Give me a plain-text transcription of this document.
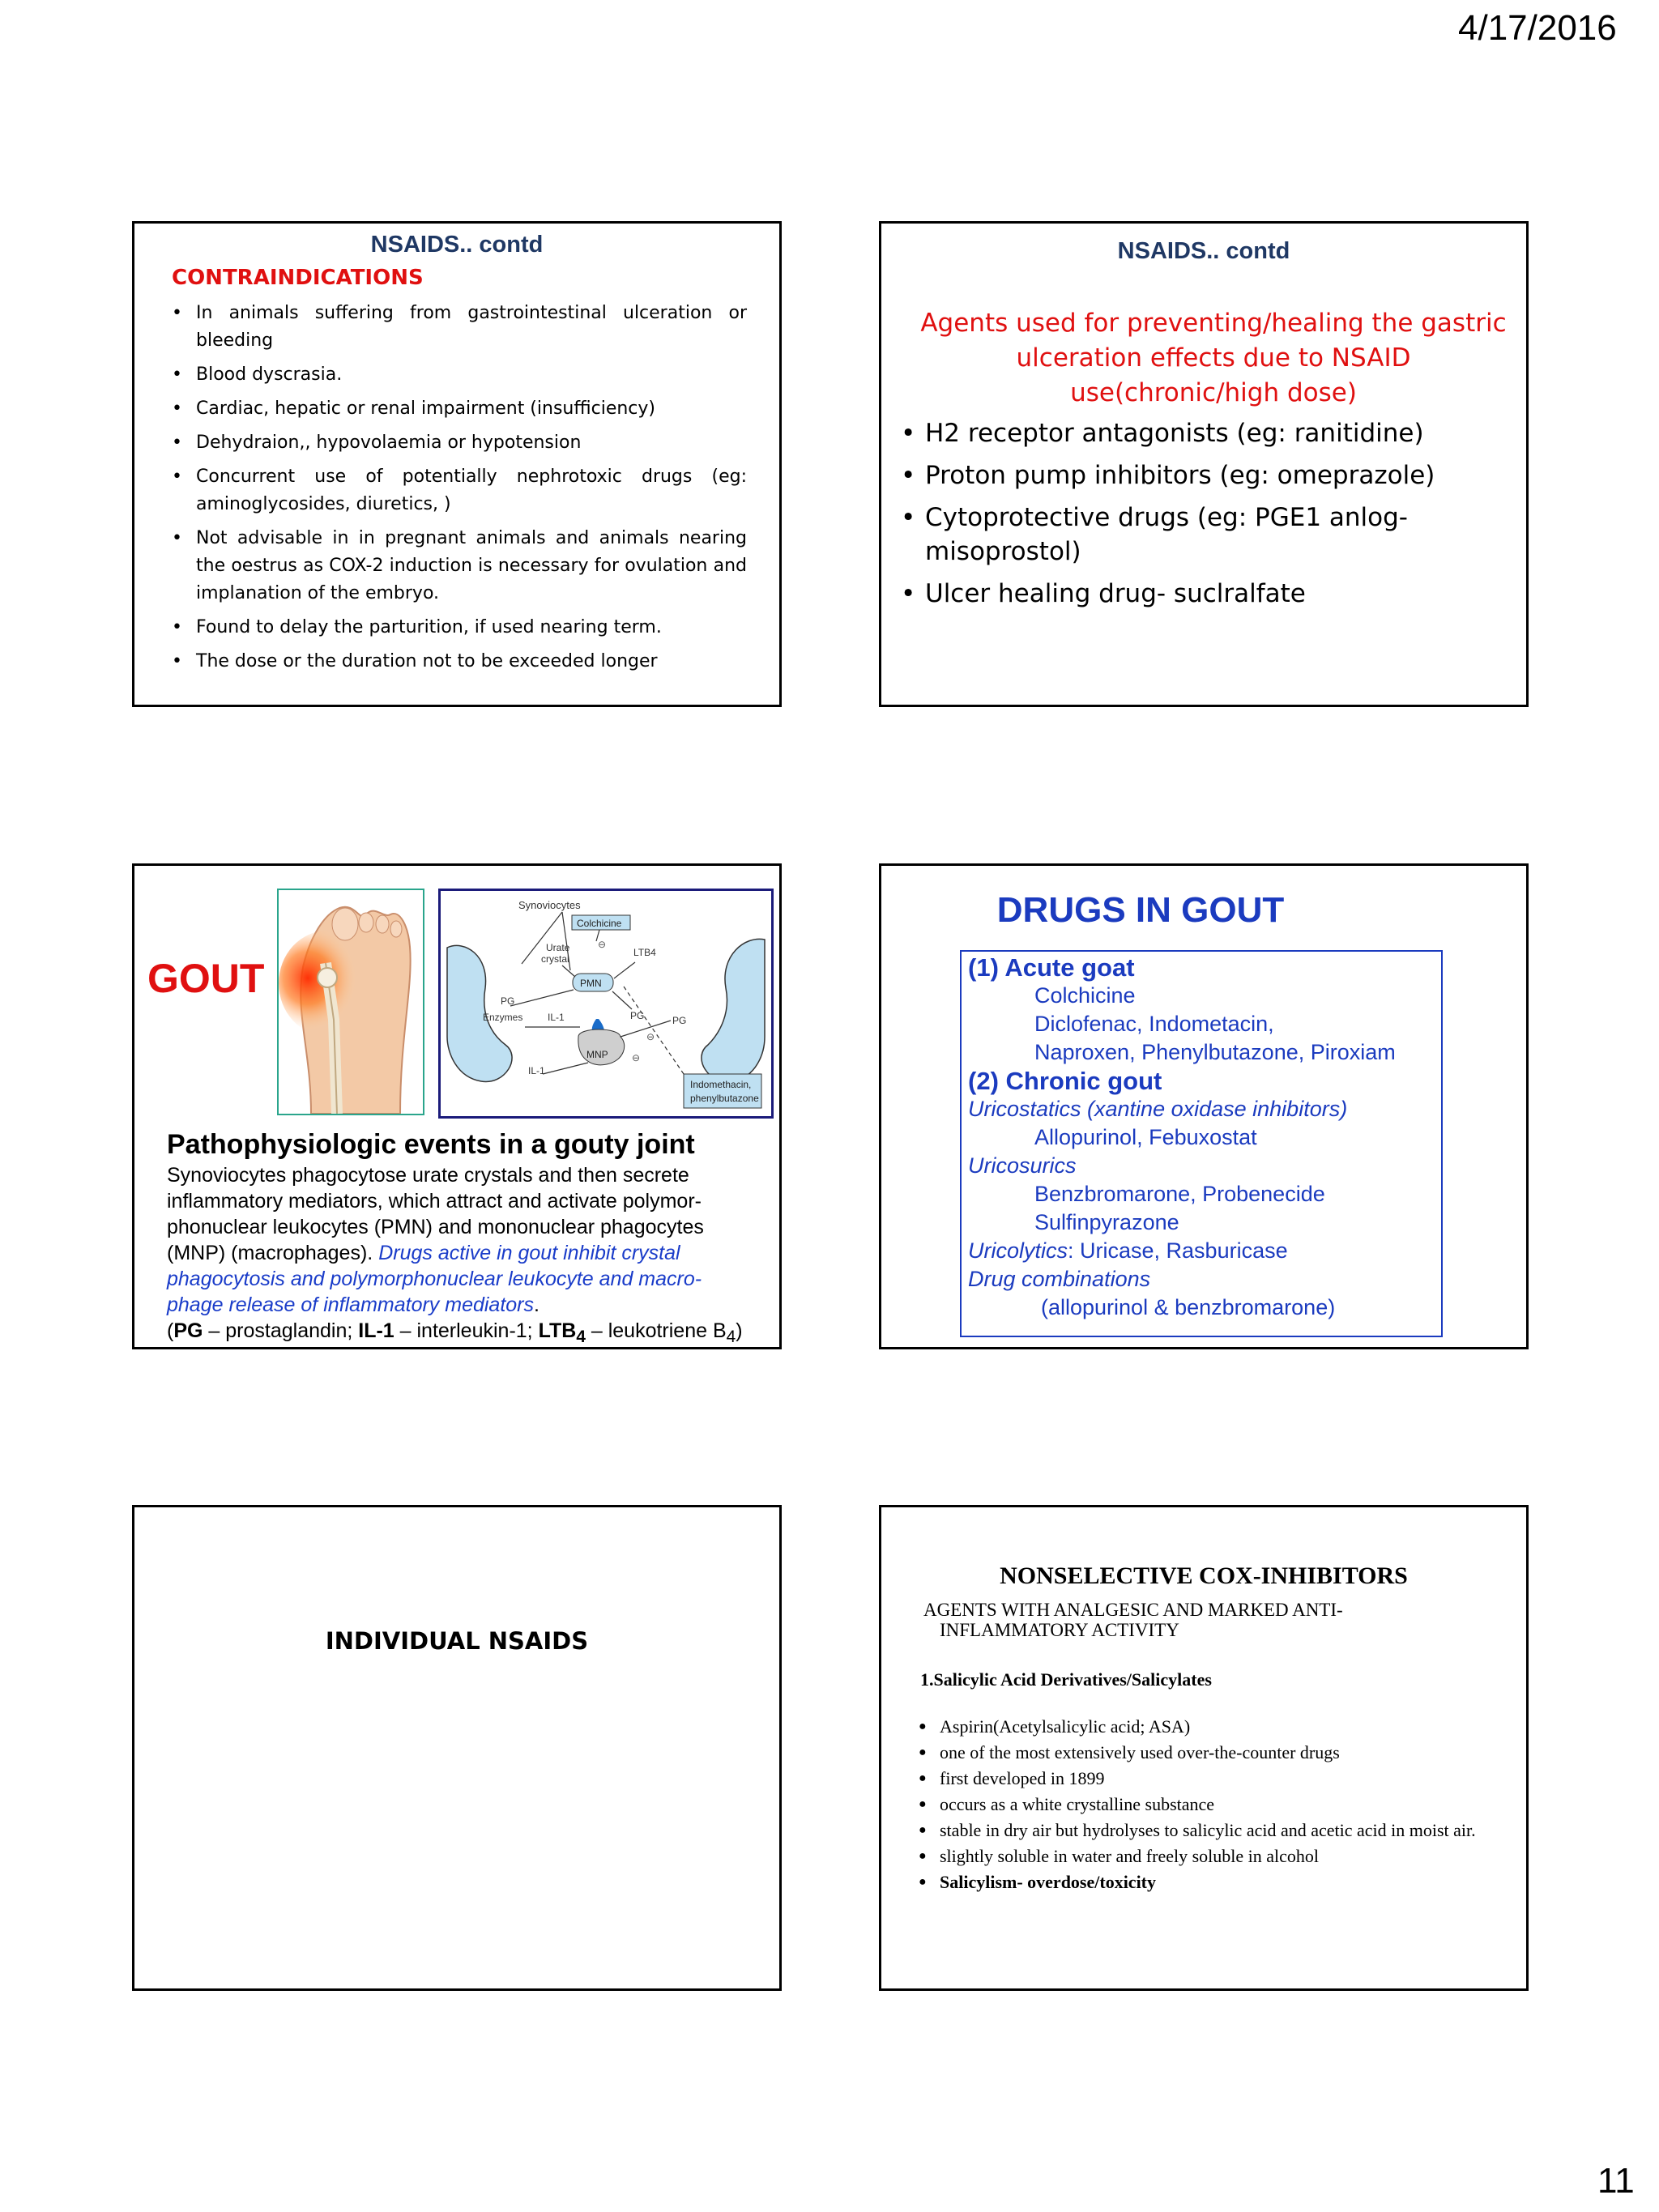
4/17/2016
NSAIDS.. contd
CONTRAINDICATIONS
• In animals suffering from gastrointestinal ulceration or bleeding
• Blood dyscrasia.
• Cardiac, hepatic or renal impairment (insufficiency)
• Dehydraion,, hypovolaemia or hypotension
• Concurrent use of potentially nephrotoxic drugs (eg: aminoglycosides, diuretics, )
• Not advisable in in pregnant animals and animals nearing the oestrus as COX-2 induction is necessary for ovulation and implanation of the embryo.
• Found to delay the parturition, if used nearing term.
• The dose or the duration not to be exceeded longer
NSAIDS.. contd
Agents used for preventing/healing the gastric ulceration effects due to NSAID use(chronic/high dose)
• H2 receptor antagonists (eg: ranitidine)
• Proton pump inhibitors (eg: omeprazole)
• Cytoprotective drugs (eg: PGE1 anlog- misoprostol)
• Ulcer healing drug- suclralfate
GOUT
Synoviocytes
Colchicine
Urate
crystal
⊖
LTB4
PMN
PG
PG
Enzymes	IL-1	PG
MNP ⊖
⊖
IL-1
Indomethacin,
phenylbutazone
Pathophysiologic events in a gouty joint
Synoviocytes phagocytose urate crystals and then secrete inflammatory mediators, which attract and activate polymor-phonuclear leukocytes (PMN) and mononuclear phagocytes (MNP) (macrophages). Drugs active in gout inhibit crystal phagocytosis and polymorphonuclear leukocyte and macro-phage release of inflammatory mediators.
(PG – prostaglandin; IL-1 – interleukin-1; $LTB_4$ – leukotriene $B_4$)
DRUGS IN GOUT
(1) Acute goat
Colchicine
Diclofenac, Indometacin,
Naproxen, Phenylbutazone, Piroxiam
(2) Chronic gout
Uricostatics (xantine oxidase inhibitors)
Allopurinol, Febuxostat
Uricosurics
Benzbromarone, Probenecide
Sulfinpyrazone
Uricolytics: Uricase, Rasburicase
Drug combinations
(allopurinol & benzbromarone)
INDIVIDUAL NSAIDS
NONSELECTIVE COX-INHIBITORS
AGENTS WITH ANALGESIC AND MARKED ANTI-
INFLAMMATORY ACTIVITY
1.Salicylic Acid Derivatives/Salicylates
● Aspirin(Acetylsalicylic acid; ASA)
● one of the most extensively used over-the-counter drugs
● first developed in 1899
● occurs as a white crystalline substance
● stable in dry air but hydrolyses to salicylic acid and acetic acid in moist air.
● slightly soluble in water and freely soluble in alcohol
● Salicylism- overdose/toxicity
11
